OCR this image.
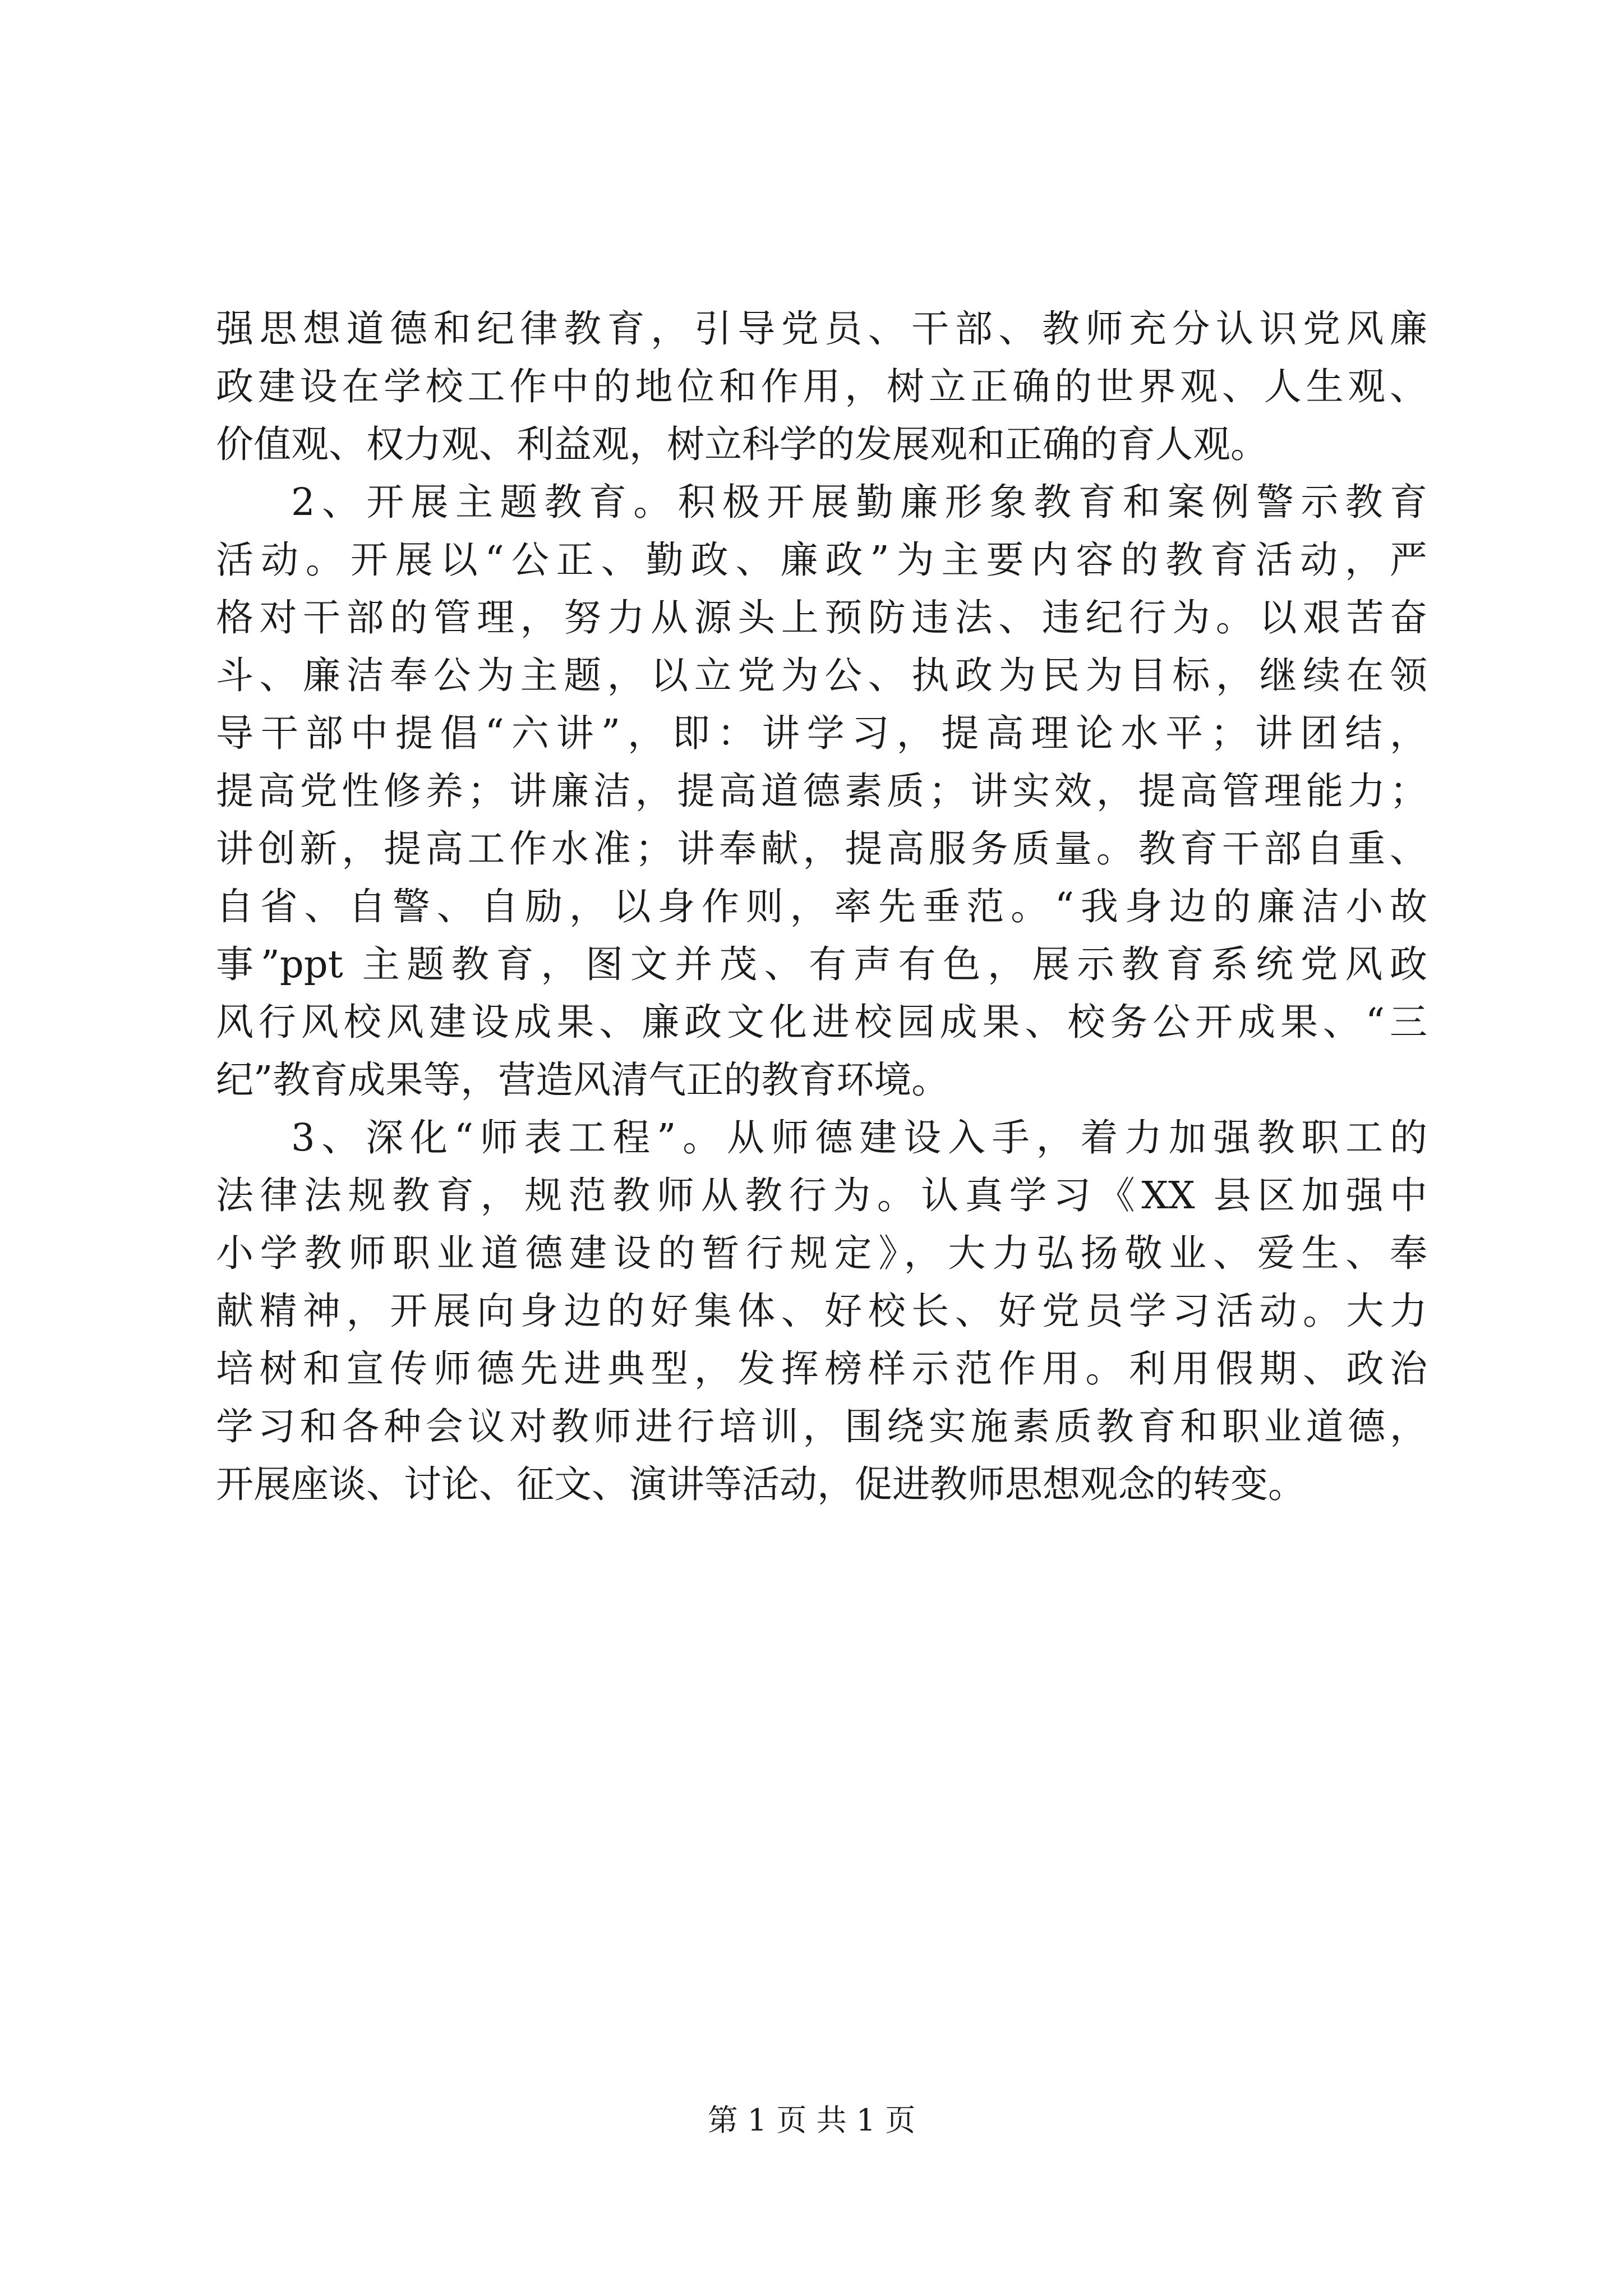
强思想道德和纪律教育，引导党员、干部、教师充分认识党风廉
政建设在学校工作中的地位和作用，树立正确的世界观、人生观、
价值观、权力观、利益观，树立科学的发展观和正确的育人观。
2、开展主题教育。积极开展勤廉形象教育和案例警示教育
活动。开展以“公正、勤政、廉政”为主要内容的教育活动，严
格对干部的管理，努力从源头上预防违法、违纪行为。以艰苦奋
斗、廉洁奉公为主题，以立党为公、执政为民为目标，继续在领
导干部中提倡“六讲”，即：讲学习，提高理论水平；讲团结，
提高党性修养；讲廉洁，提高道德素质；讲实效，提高管理能力；
讲创新，提高工作水准；讲奉献，提高服务质量。教育干部自重、
自省、自警、自励，以身作则，率先垂范。“我身边的廉洁小故
事”ppt 主题教育，图文并茂、有声有色，展示教育系统党风政
风行风校风建设成果、廉政文化进校园成果、校务公开成果、“三
纪”教育成果等，营造风清气正的教育环境。
3、深化“师表工程”。从师德建设入手，着力加强教职工的
法律法规教育，规范教师从教行为。认真学习《XX 县区加强中
小学教师职业道德建设的暂行规定》，大力弘扬敬业、爱生、奉
献精神，开展向身边的好集体、好校长、好党员学习活动。大力
培树和宣传师德先进典型，发挥榜样示范作用。利用假期、政治
学习和各种会议对教师进行培训，围绕实施素质教育和职业道德，
开展座谈、讨论、征文、演讲等活动，促进教师思想观念的转变。
第 1 页 共 1 页
